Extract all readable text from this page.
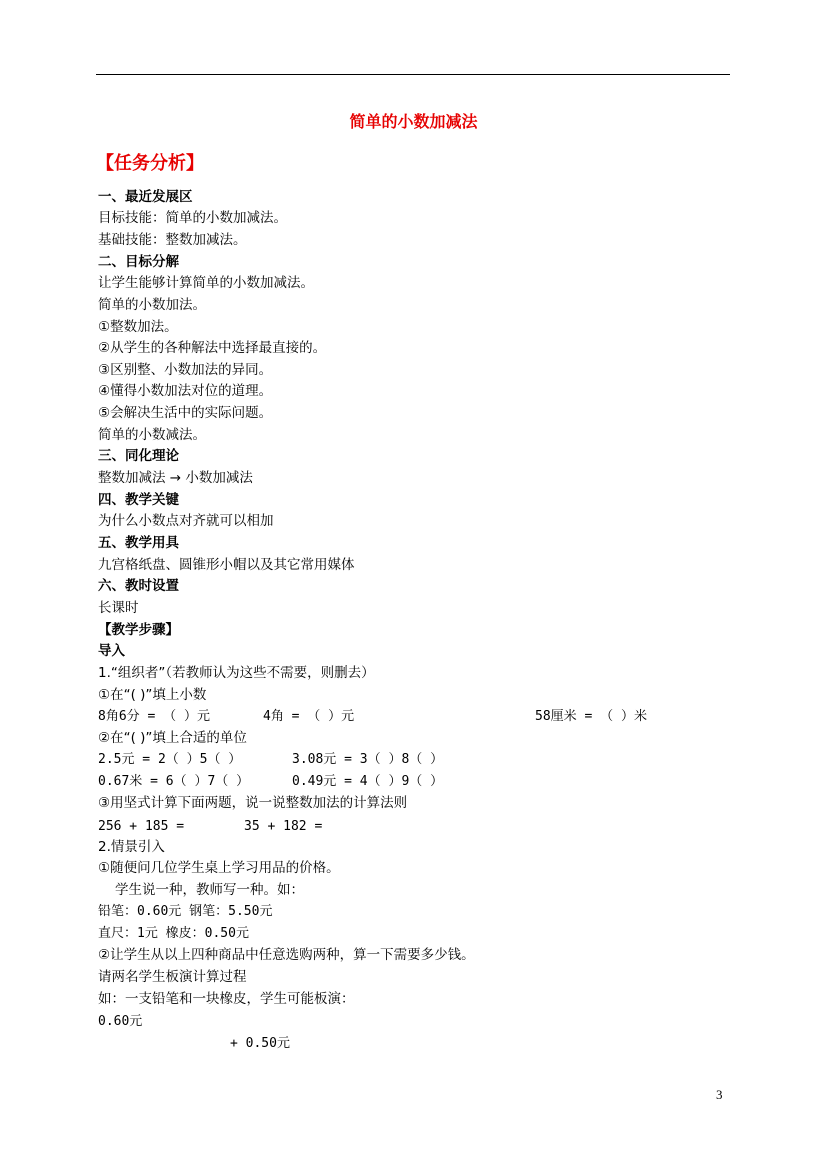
简单的小数加减法
【任务分析】
一、最近发展区
目标技能：简单的小数加减法。
基础技能：整数加减法。
二、目标分解
让学生能够计算简单的小数加减法。
简单的小数加法。
①整数加法。
②从学生的各种解法中选择最直接的。
③区别整、小数加法的异同。
④懂得小数加法对位的道理。
⑤会解决生活中的实际问题。
简单的小数减法。
三、同化理论
整数加减法 → 小数加减法
四、教学关键
为什么小数点对齐就可以相加
五、教学用具
九宫格纸盘、圆锥形小帽以及其它常用媒体
六、教时设置
长课时
【教学步骤】
导入
1.“组织者”（若教师认为这些不需要，则删去）
①在“( )”填上小数
8角6分 = （ ）元	4角 = （ ）元	58厘米 = （ ）米
②在“( )”填上合适的单位
2.5元 = 2（ ）5（ ）	3.08元 = 3（ ）8（ ）
0.67米 = 6（ ）7（ ）	0.49元 = 4（ ）9（ ）
③用坚式计算下面两题，说一说整数加法的计算法则
256 + 185 =	35 + 182 =
2.情景引入
①随便问几位学生桌上学习用品的价格。
学生说一种，教师写一种。如：
铅笔：0.60元 钢笔：5.50元
直尺：1元 橡皮：0.50元
②让学生从以上四种商品中任意选购两种，算一下需要多少钱。
请两名学生板演计算过程
如：一支铅笔和一块橡皮，学生可能板演：
0.60元
+ 0.50元
3
